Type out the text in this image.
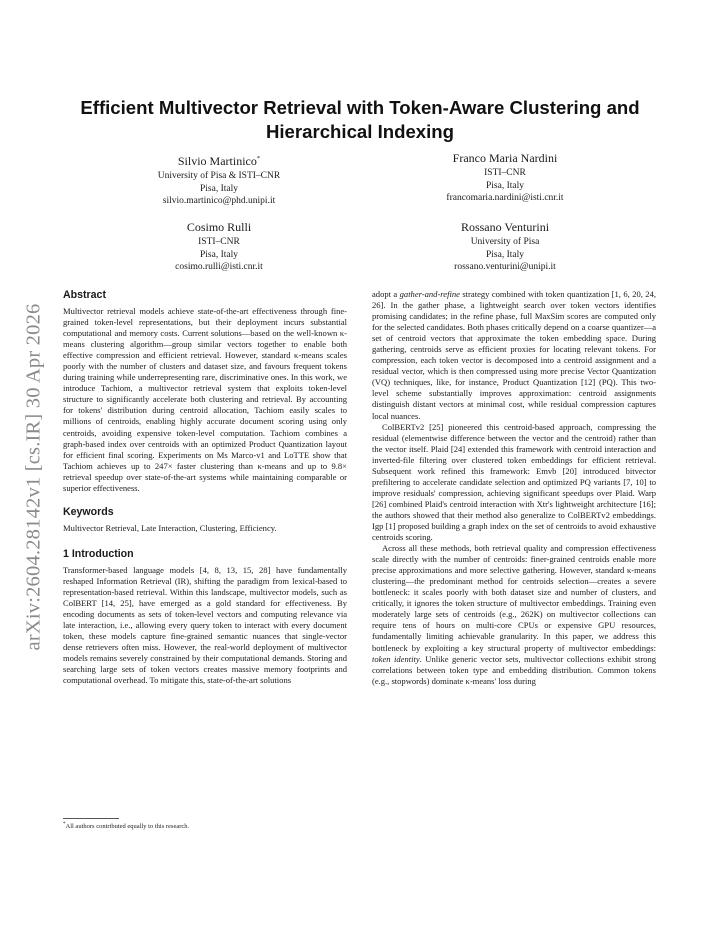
arXiv:2604.28142v1 [cs.IR] 30 Apr 2026
Efficient Multivector Retrieval with Token-Aware Clustering and Hierarchical Indexing
Silvio Martinico*
University of Pisa & ISTI–CNR
Pisa, Italy
silvio.martinico@phd.unipi.it
Franco Maria Nardini
ISTI–CNR
Pisa, Italy
francomaria.nardini@isti.cnr.it
Cosimo Rulli
ISTI–CNR
Pisa, Italy
cosimo.rulli@isti.cnr.it
Rossano Venturini
University of Pisa
Pisa, Italy
rossano.venturini@unipi.it
Abstract

Multivector retrieval models achieve state-of-the-art effectiveness through fine-grained token-level representations, but their deployment incurs substantial computational and memory costs. Current solutions—based on the well-known κ-means clustering algorithm—group similar vectors together to enable both effective compression and efficient retrieval. However, standard κ-means scales poorly with the number of clusters and dataset size, and favours frequent tokens during training while underrepresenting rare, discriminative ones. In this work, we introduce Tachiom, a multivector retrieval system that exploits token-level structure to significantly accelerate both clustering and retrieval. By accounting for tokens' distribution during centroid allocation, Tachiom easily scales to millions of centroids, enabling highly accurate document scoring using only centroids, avoiding expensive token-level computation. Tachiom combines a graph-based index over centroids with an optimized Product Quantization layout for efficient final scoring. Experiments on Ms Marco-v1 and LoTTE show that Tachiom achieves up to 247× faster clustering than κ-means and up to 9.8× retrieval speedup over state-of-the-art systems while maintaining comparable or superior effectiveness.

Keywords

Multivector Retrieval, Late Interaction, Clustering, Efficiency.

1 Introduction

Transformer-based language models [4, 8, 13, 15, 28] have fundamentally reshaped Information Retrieval (IR), shifting the paradigm from lexical-based to representation-based retrieval. Within this landscape, multivector models, such as ColBERT [14, 25], have emerged as a gold standard for effectiveness. By encoding documents as sets of token-level vectors and computing relevance via late interaction, i.e., allowing every query token to interact with every document token, these models capture fine-grained semantic nuances that single-vector dense retrievers often miss. However, the real-world deployment of multivector models remains severely constrained by their computational demands. Storing and searching large sets of token vectors creates massive memory footprints and computational overhead. To mitigate this, state-of-the-art solutions

adopt a gather-and-refine strategy combined with token quantization [1, 6, 20, 24, 26]. In the gather phase, a lightweight search over token vectors identifies promising candidates; in the refine phase, full MaxSim scores are computed only for the selected candidates. Both phases critically depend on a coarse quantizer—a set of centroid vectors that approximate the token embedding space. During gathering, centroids serve as efficient proxies for locating relevant tokens. For compression, each token vector is decomposed into a centroid assignment and a residual vector, which is then compressed using more precise Vector Quantization (VQ) techniques, like, for instance, Product Quantization [12] (PQ). This two-level scheme substantially improves approximation: centroid assignments distinguish distant vectors at minimal cost, while residual compression captures local nuances.

ColBERTv2 [25] pioneered this centroid-based approach, compressing the residual (elementwise difference between the vector and the centroid) rather than the vector itself. Plaid [24] extended this framework with centroid interaction and inverted-file filtering over clustered token embeddings for efficient retrieval. Subsequent work refined this framework: Emvb [20] introduced bitvector prefiltering to accelerate candidate selection and optimized PQ variants [7, 10] to improve residuals' compression, achieving significant speedups over Plaid. Warp [26] combined Plaid's centroid interaction with Xtr's lightweight architecture [16]; the authors showed that their method also generalize to ColBERTv2 embeddings. Igp [1] proposed building a graph index on the set of centroids to avoid exhaustive centroids scoring.

Across all these methods, both retrieval quality and compression effectiveness scale directly with the number of centroids: finer-grained centroids enable more precise approximations and more selective gathering. However, standard κ-means clustering—the predominant method for centroids selection—creates a severe bottleneck: it scales poorly with both dataset size and number of clusters, and critically, it ignores the token structure of multivector embeddings. Training even moderately large sets of centroids (e.g., 262K) on multivector collections can require tens of hours on multi-core CPUs or expensive GPU resources, fundamentally limiting achievable granularity. In this paper, we address this bottleneck by exploiting a key structural property of multivector embeddings: token identity. Unlike generic vector sets, multivector collections exhibit strong correlations between token type and embedding distribution. Common tokens (e.g., stopwords) dominate κ-means' loss during

*All authors contributed equally to this research.
